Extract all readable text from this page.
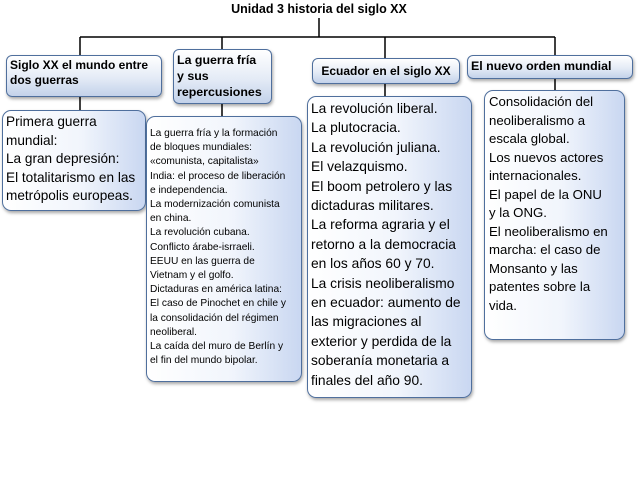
Unidad 3 historia del siglo XX
Siglo XX el mundo entre
dos guerras
Primera guerra
mundial:
La gran depresión:
El totalitarismo en las
metrópolis europeas.
La guerra fría
y sus
repercusiones
La guerra fría y la formación
de bloques mundiales:
«comunista, capitalista»
India: el proceso de liberación
e independencia.
La modernización comunista
en china.
La revolución cubana.
Conflicto árabe-isrraeli.
EEUU en las guerra de
Vietnam y el golfo.
Dictaduras en américa latina:
El caso de Pinochet en chile y
la consolidación del régimen
neoliberal.
La caída del muro de Berlín y
el fin del mundo bipolar.
Ecuador en el siglo XX
La revolución liberal.
La plutocracia.
La revolución juliana.
El velazquismo.
El boom petrolero y las
dictaduras militares.
La reforma agraria y el
retorno a la democracia
en los años 60 y 70.
La crisis neoliberalismo
en ecuador: aumento de
las migraciones al
exterior y perdida de la
soberanía monetaria a
finales del año 90.
El nuevo orden mundial
Consolidación del
neoliberalismo a
escala global.
Los nuevos actores
internacionales.
El papel de la ONU
y la ONG.
El neoliberalismo en
marcha: el caso de
Monsanto y las
patentes sobre la
vida.
